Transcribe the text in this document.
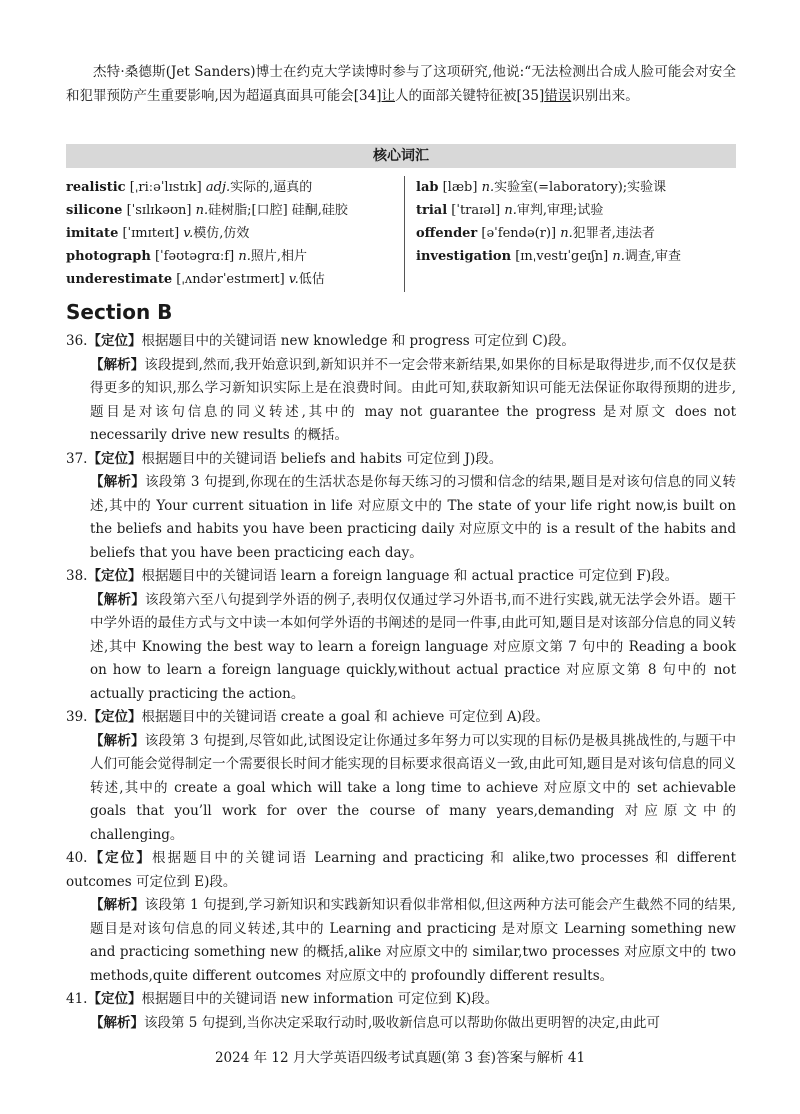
杰特·桑德斯(Jet Sanders)博士在约克大学读博时参与了这项研究,他说:“无法检测出合成人脸可能会对安全和犯罪预防产生重要影响,因为超逼真面具可能会[34]让人的面部关键特征被[35]错误识别出来。

核心词汇
realistic [ˌriːəˈlɪstɪk] adj.实际的,逼真的
silicone [ˈsɪlɪkəʊn] n.硅树脂;[口腔] 硅酮,硅胶
imitate [ˈɪmɪteɪt] v.模仿,仿效
photograph [ˈfəʊtəgrɑːf] n.照片,相片
underestimate [ˌʌndərˈestɪmeɪt] v.低估
lab [læb] n.实验室(=laboratory);实验课
trial [ˈtraɪəl] n.审判,审理;试验
offender [əˈfendə(r)] n.犯罪者,违法者
investigation [ɪnˌvestɪˈgeɪʃn] n.调查,审查
Section B
36.【定位】根据题目中的关键词语 new knowledge 和 progress 可定位到 C)段。
【解析】该段提到,然而,我开始意识到,新知识并不一定会带来新结果,如果你的目标是取得进步,而不仅仅是获得更多的知识,那么学习新知识实际上是在浪费时间。由此可知,获取新知识可能无法保证你取得预期的进步,题目是对该句信息的同义转述,其中的 may not guarantee the progress 是对原文 does not necessarily drive new results 的概括。
37.【定位】根据题目中的关键词语 beliefs and habits 可定位到 J)段。
【解析】该段第 3 句提到,你现在的生活状态是你每天练习的习惯和信念的结果,题目是对该句信息的同义转述,其中的 Your current situation in life 对应原文中的 The state of your life right now,is built on the beliefs and habits you have been practicing daily 对应原文中的 is a result of the habits and beliefs that you have been practicing each day。
38.【定位】根据题目中的关键词语 learn a foreign language 和 actual practice 可定位到 F)段。
【解析】该段第六至八句提到学外语的例子,表明仅仅通过学习外语书,而不进行实践,就无法学会外语。题干中学外语的最佳方式与文中读一本如何学外语的书阐述的是同一件事,由此可知,题目是对该部分信息的同义转述,其中 Knowing the best way to learn a foreign language 对应原文第 7 句中的 Reading a book on how to learn a foreign language quickly,without actual practice 对应原文第 8 句中的 not actually practicing the action。
39.【定位】根据题目中的关键词语 create a goal 和 achieve 可定位到 A)段。
【解析】该段第 3 句提到,尽管如此,试图设定让你通过多年努力可以实现的目标仍是极具挑战性的,与题干中人们可能会觉得制定一个需要很长时间才能实现的目标要求很高语义一致,由此可知,题目是对该句信息的同义转述,其中的 create a goal which will take a long time to achieve 对应原文中的 set achievable goals that you’ll work for over the course of many years,demanding 对应原文中的 challenging。
40.【定位】根据题目中的关键词语 Learning and practicing 和 alike,two processes 和 different outcomes 可定位到 E)段。
【解析】该段第 1 句提到,学习新知识和实践新知识看似非常相似,但这两种方法可能会产生截然不同的结果,题目是对该句信息的同义转述,其中的 Learning and practicing 是对原文 Learning something new and practicing something new 的概括,alike 对应原文中的 similar,two processes 对应原文中的 two methods,quite different outcomes 对应原文中的 profoundly different results。
41.【定位】根据题目中的关键词语 new information 可定位到 K)段。
【解析】该段第 5 句提到,当你决定采取行动时,吸收新信息可以帮助你做出更明智的决定,由此可
2024 年 12 月大学英语四级考试真题(第 3 套)答案与解析 41
